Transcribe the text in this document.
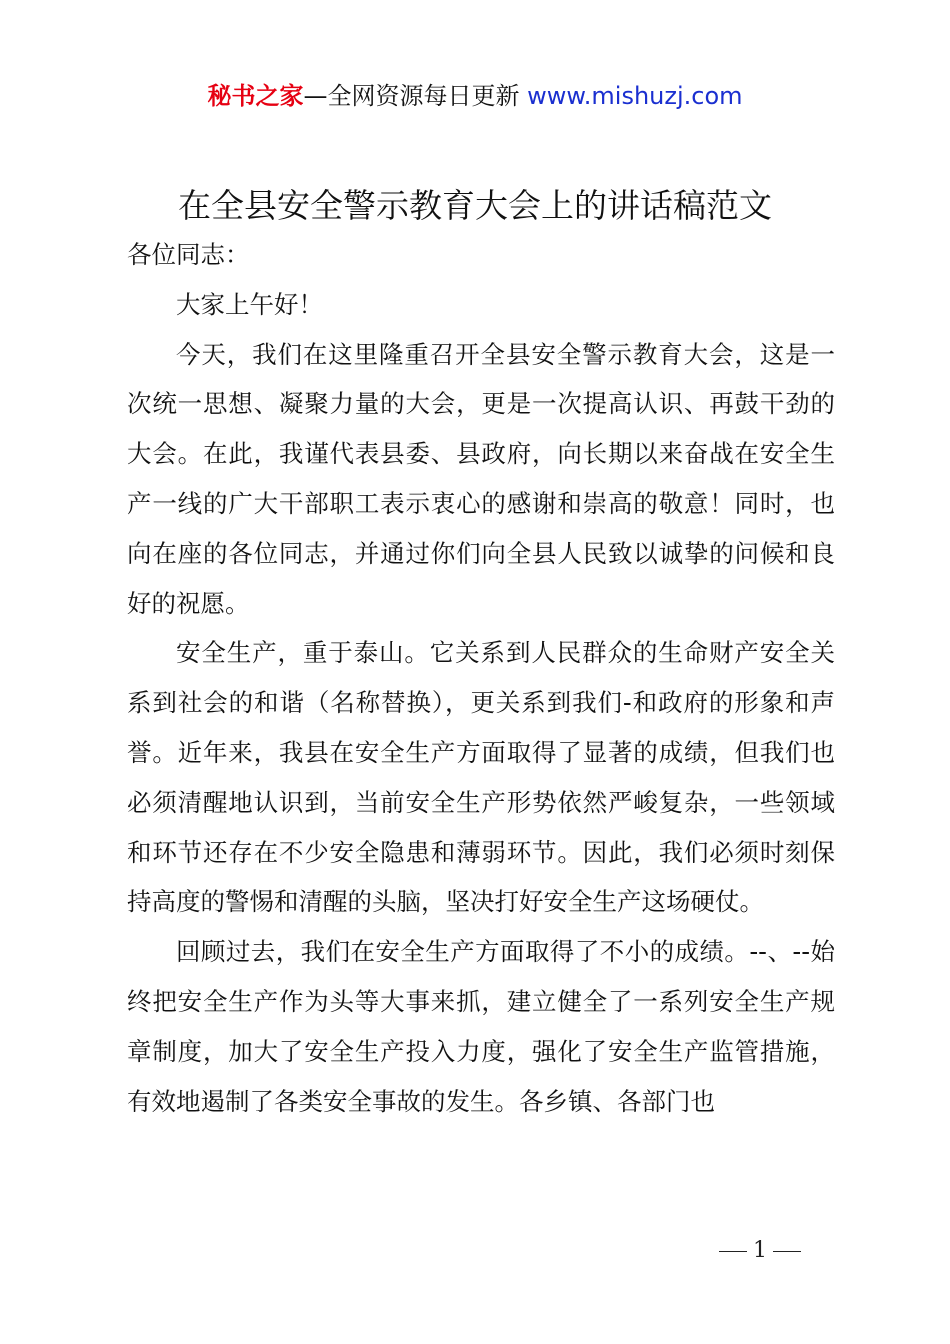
秘书之家—全网资源每日更新 www.mishuzj.com
在全县安全警示教育大会上的讲话稿范文

各位同志：

大家上午好！

今天，我们在这里隆重召开全县安全警示教育大会，这是一次统一思想、凝聚力量的大会，更是一次提高认识、再鼓干劲的大会。在此，我谨代表县委、县政府，向长期以来奋战在安全生产一线的广大干部职工表示衷心的感谢和崇高的敬意！同时，也向在座的各位同志，并通过你们向全县人民致以诚挚的问候和良好的祝愿。

安全生产，重于泰山。它关系到人民群众的生命财产安全关系到社会的和谐（名称替换），更关系到我们-和政府的形象和声誉。近年来，我县在安全生产方面取得了显著的成绩，但我们也必须清醒地认识到，当前安全生产形势依然严峻复杂，一些领域和环节还存在不少安全隐患和薄弱环节。因此，我们必须时刻保持高度的警惕和清醒的头脑，坚决打好安全生产这场硬仗。

回顾过去，我们在安全生产方面取得了不小的成绩。--、--始终把安全生产作为头等大事来抓，建立健全了一系列安全生产规章制度，加大了安全生产投入力度，强化了安全生产监管措施，有效地遏制了各类安全事故的发生。各乡镇、各部门也

1
